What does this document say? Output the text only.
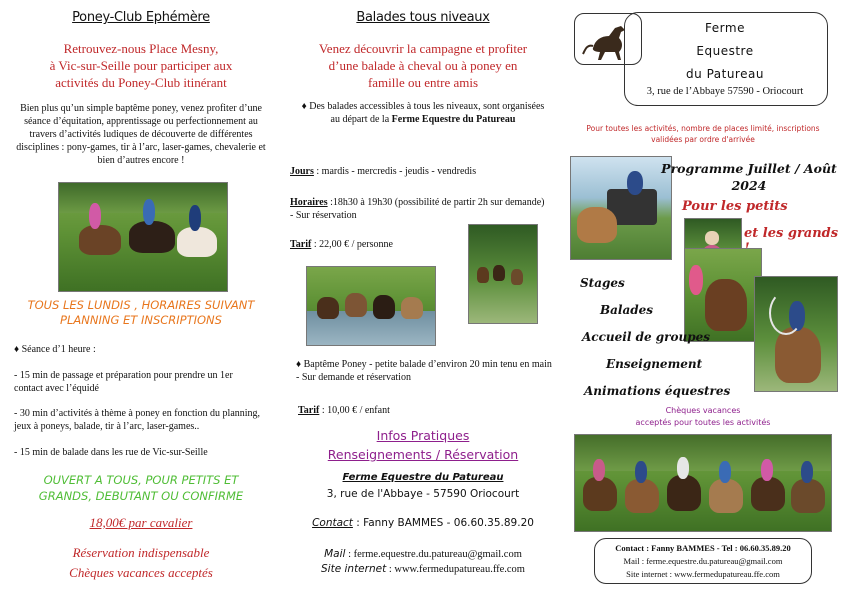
Poney-Club Ephémère
Retrouvez-nous Place Mesny,
à Vic-sur-Seille pour participer aux
activités du Poney-Club itinérant
Bien plus qu’un simple baptême poney, venez profiter d’une séance d’équitation, apprentissage ou perfectionnement au travers d’activités ludiques de découverte de différentes disciplines : pony-games, tir à l’arc, laser-games, chevalerie et bien d’autres encore !
TOUS LES LUNDIS , HORAIRES SUIVANT
PLANNING ET INSCRIPTIONS
♦ Séance d’1 heure :
- 15 min de passage et préparation pour prendre un 1er contact avec l’équidé
- 30 min d’activités à thème à poney en fonction du planning, jeux à poneys, balade, tir à l’arc, laser-games..
- 15 min de balade dans les rue de Vic-sur-Seille
OUVERT A TOUS, POUR PETITS ET
GRANDS, DEBUTANT OU CONFIRME
18,00€ par cavalier
Réservation indispensable
Chèques vacances acceptés
Balades tous niveaux
Venez découvrir la campagne et profiter
d’une balade à cheval ou à poney en
famille ou entre amis
♦ Des balades accessibles à tous les niveaux, sont organisées au départ de la Ferme Equestre du Patureau
Jours : mardis - mercredis - jeudis - vendredis
Horaires :18h30 à 19h30 (possibilité de partir 2h sur demande) - Sur réservation
Tarif : 22,00 € / personne
♦ Baptême Poney - petite balade d’environ 20 min tenu en main - Sur demande et réservation
Tarif : 10,00 € / enfant
Infos Pratiques
Renseignements / Réservation
Ferme Equestre du Patureau
3, rue de l'Abbaye - 57590 Oriocourt
Contact : Fanny BAMMES - 06.60.35.89.20
Mail : ferme.equestre.du.patureau@gmail.com
Site internet : www.fermedupatureau.ffe.com
Ferme
Equestre
du Patureau
3, rue de l’Abbaye 57590 - Oriocourt
Pour toutes les activités, nombre de places limité, inscriptions validées par ordre d'arrivée
Programme Juillet / Août
2024
Pour les petits
et les grands
Stages
Balades
Accueil de groupes
Enseignement
Animations équestres
Chèques vacances
acceptés pour toutes les activités
Contact : Fanny BAMMES - Tel : 06.60.35.89.20
Mail : ferme.equestre.du.patureau@gmail.com
Site internet : www.fermedupatureau.ffe.com
